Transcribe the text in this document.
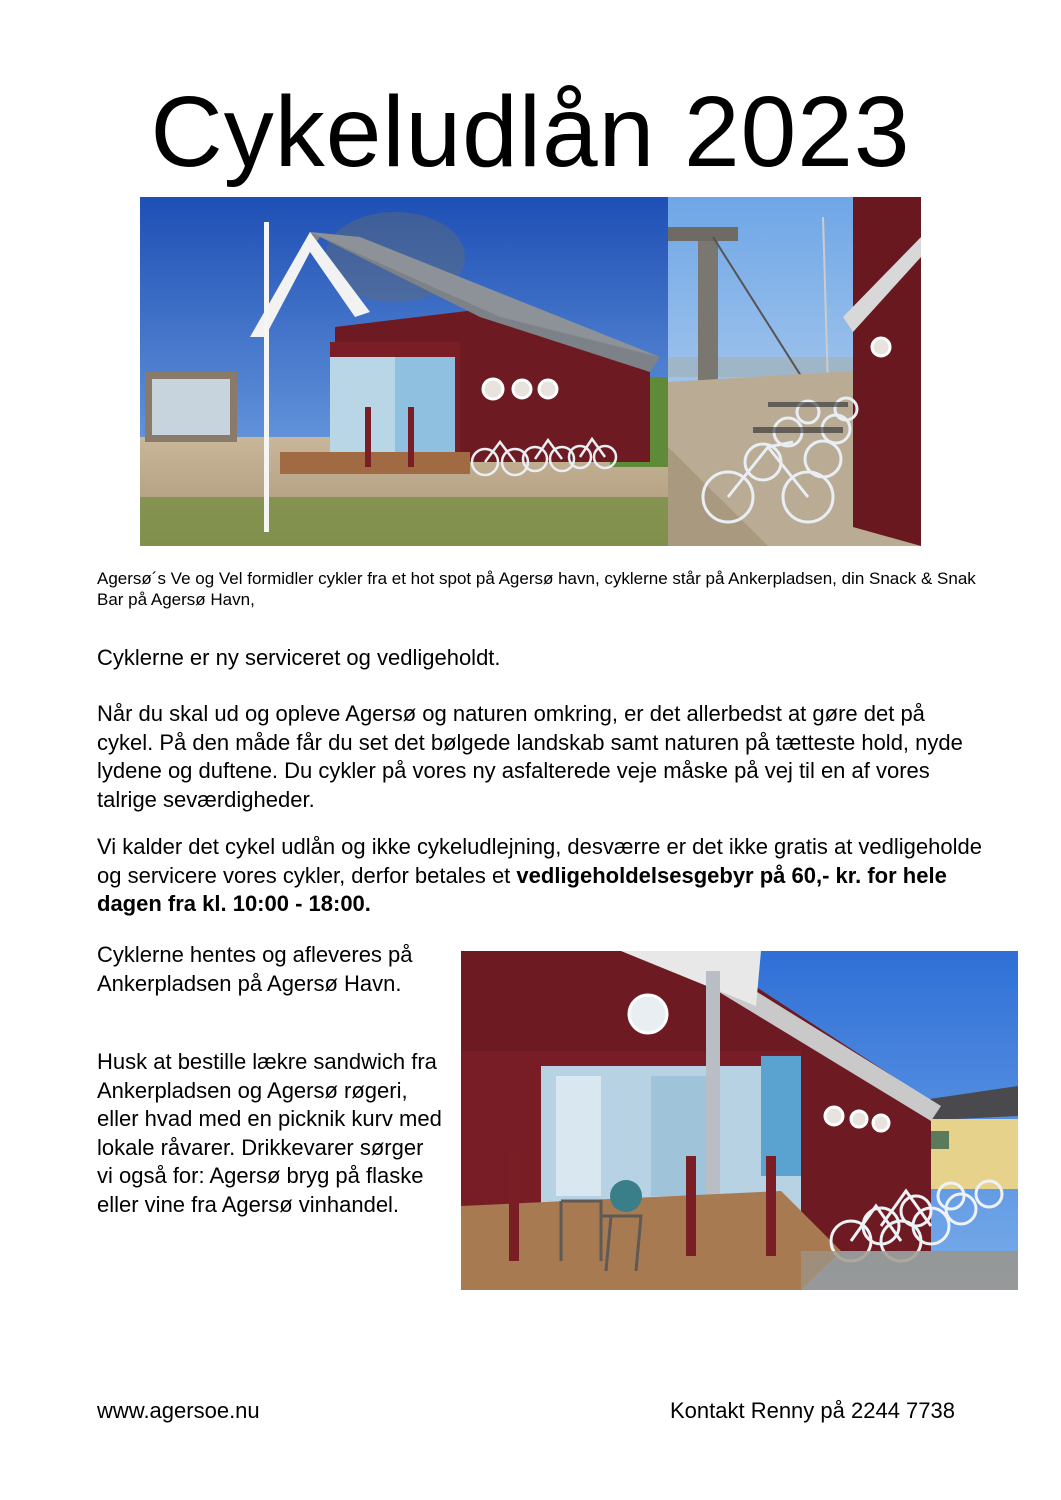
Cykeludlån 2023
Agersø´s Ve og Vel formidler cykler fra et hot spot på Agersø havn, cyklerne står på Ankerpladsen, din Snack & Snak Bar på Agersø Havn,
Cyklerne er ny serviceret og vedligeholdt.
Når du skal ud og opleve Agersø og naturen omkring, er det allerbedst at gøre det på cykel. På den måde får du set det bølgede landskab samt naturen på tætteste hold, nyde lydene og duftene. Du cykler på vores ny asfalterede veje måske på vej til en af vores talrige seværdigheder.
Vi kalder det cykel udlån og ikke cykeludlejning, desværre er det ikke gratis at vedligeholde og servicere vores cykler, derfor betales et vedligeholdelsesgebyr på 60,- kr. for hele dagen fra kl. 10:00 - 18:00.
Cyklerne hentes og afleveres på Ankerpladsen på Agersø Havn.
Husk at bestille lækre sandwich fra Ankerpladsen og Agersø røgeri, eller hvad med en picknik kurv med lokale råvarer. Drikkevarer sørger vi også for: Agersø bryg på flaske eller vine fra Agersø vinhandel.
www.agersoe.nu	Kontakt Renny på 2244 7738
